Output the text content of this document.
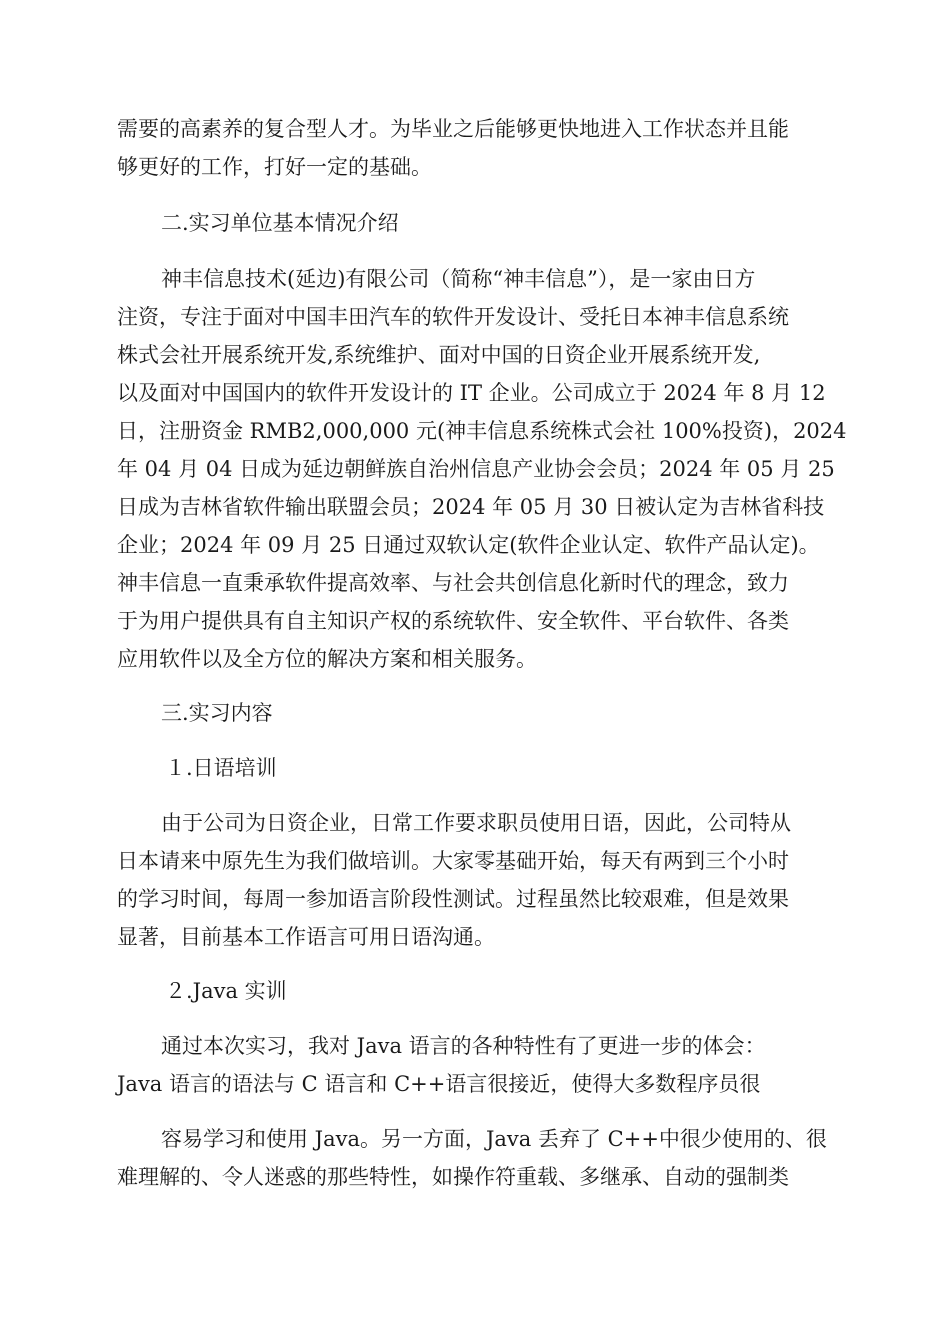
需要的高素养的复合型人才。为毕业之后能够更快地进入工作状态并且能
够更好的工作，打好一定的基础。
二.实习单位基本情况介绍
神丰信息技术(延边)有限公司（简称“神丰信息”），是一家由日方
注资，专注于面对中国丰田汽车的软件开发设计、受托日本神丰信息系统
株式会社开展系统开发,系统维护、面对中国的日资企业开展系统开发,
以及面对中国国内的软件开发设计的 IT 企业。公司成立于 2024 年 8 月 12
日，注册资金 RMB2,000,000 元(神丰信息系统株式会社 100%投资)，2024
年 04 月 04 日成为延边朝鲜族自治州信息产业协会会员；2024 年 05 月 25
日成为吉林省软件输出联盟会员；2024 年 05 月 30 日被认定为吉林省科技
企业；2024 年 09 月 25 日通过双软认定(软件企业认定、软件产品认定)。
神丰信息一直秉承软件提高效率、与社会共创信息化新时代的理念，致力
于为用户提供具有自主知识产权的系统软件、安全软件、平台软件、各类
应用软件以及全方位的解决方案和相关服务。
三.实习内容
１.日语培训
由于公司为日资企业，日常工作要求职员使用日语，因此，公司特从
日本请来中原先生为我们做培训。大家零基础开始，每天有两到三个小时
的学习时间，每周一参加语言阶段性测试。过程虽然比较艰难，但是效果
显著，目前基本工作语言可用日语沟通。
２.Java 实训
通过本次实习，我对 Java 语言的各种特性有了更进一步的体会：
Java 语言的语法与 C 语言和 C++语言很接近，使得大多数程序员很
容易学习和使用 Java。另一方面，Java 丢弃了 C++中很少使用的、很
难理解的、令人迷惑的那些特性，如操作符重载、多继承、自动的强制类
